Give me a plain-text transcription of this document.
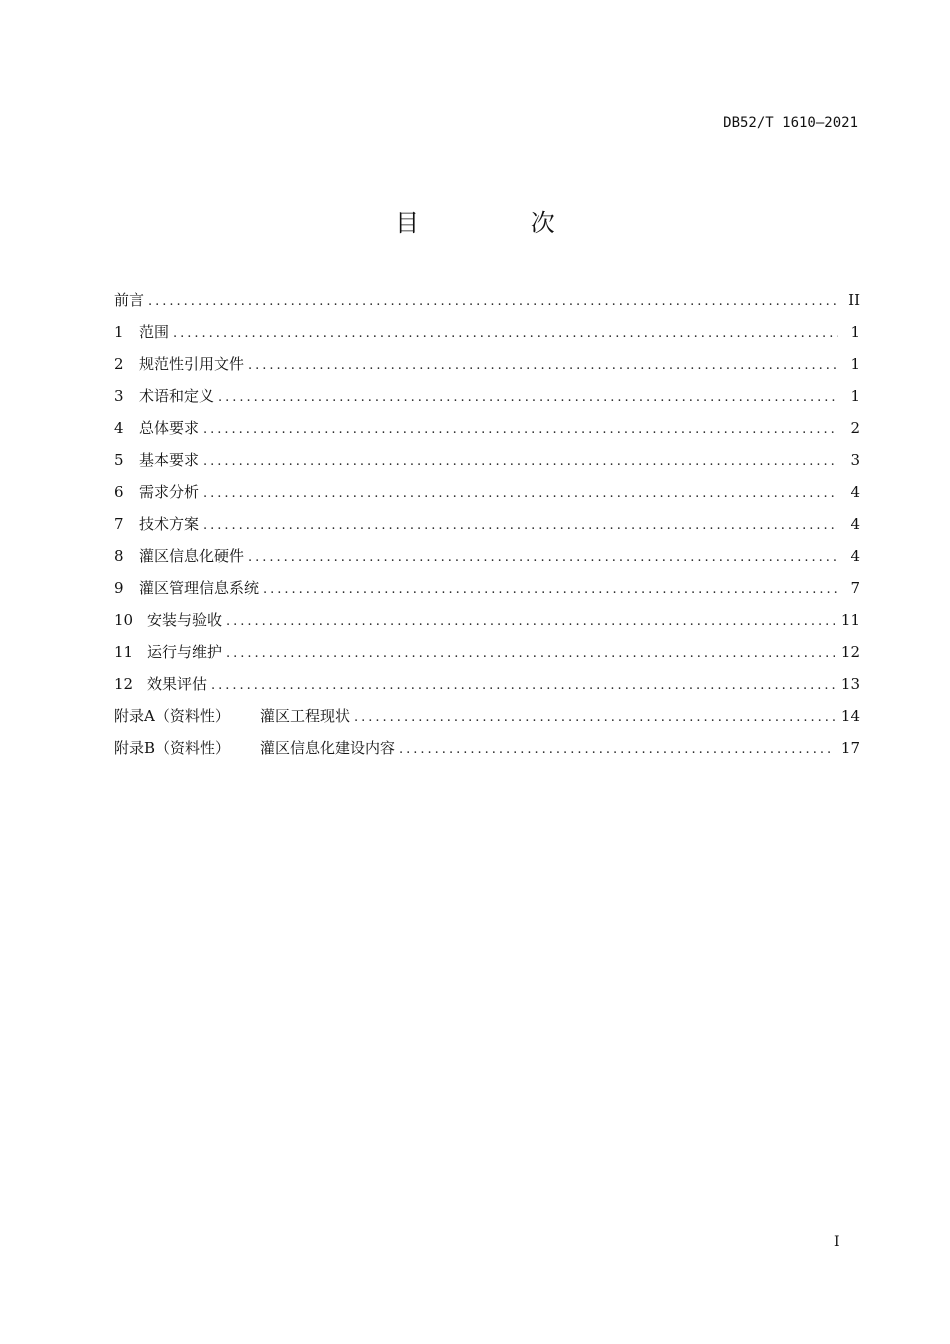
DB52/T 1610—2021
目 次
前言 .....	II
1 范围 .....	1
2 规范性引用文件 .....	1
3 术语和定义 .....	1
4 总体要求 .....	2
5 基本要求 .....	3
6 需求分析 .....	4
7 技术方案 .....	4
8 灌区信息化硬件 .....	4
9 灌区管理信息系统 .....	7
10 安装与验收 .....	11
11 运行与维护 .....	12
12 效果评估 .....	13
附录A（资料性） 灌区工程现状 .....	14
附录B（资料性） 灌区信息化建设内容 .....	17
I
